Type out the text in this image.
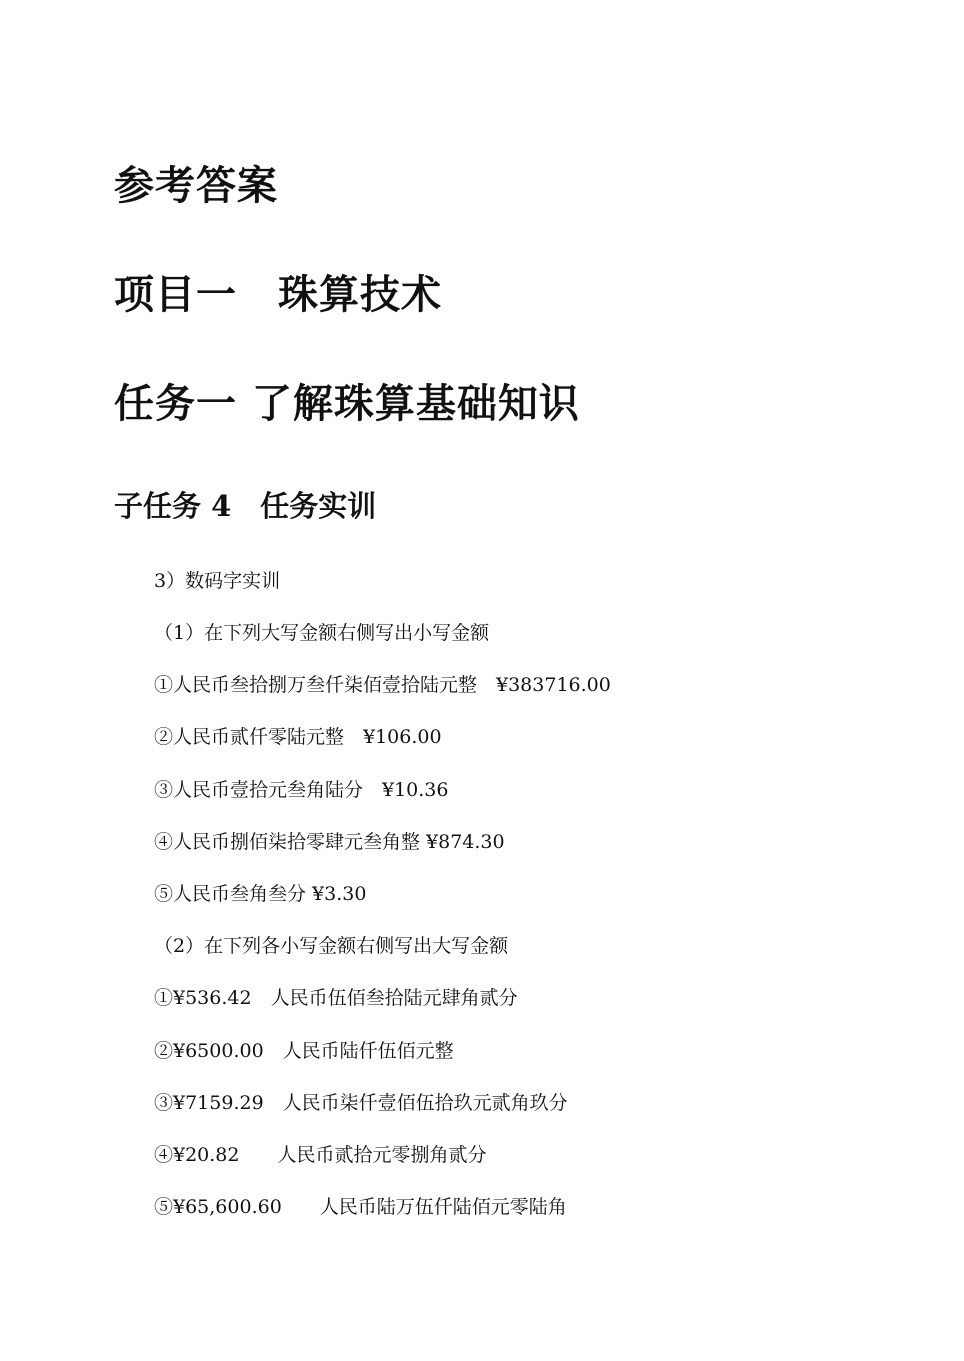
参考答案
项目一　珠算技术
任务一 了解珠算基础知识
子任务 4　任务实训
3）数码字实训
（1）在下列大写金额右侧写出小写金额
①人民币叁拾捌万叁仟柒佰壹拾陆元整　¥383716.00
②人民币贰仟零陆元整　¥106.00
③人民币壹拾元叁角陆分　¥10.36
④人民币捌佰柒拾零肆元叁角整 ¥874.30
⑤人民币叁角叁分 ¥3.30
（2）在下列各小写金额右侧写出大写金额
①¥536.42　人民币伍佰叁拾陆元肆角贰分
②¥6500.00　人民币陆仟伍佰元整
③¥7159.29　人民币柒仟壹佰伍拾玖元贰角玖分
④¥20.82　　人民币贰拾元零捌角贰分
⑤¥65,600.60　　人民币陆万伍仟陆佰元零陆角
